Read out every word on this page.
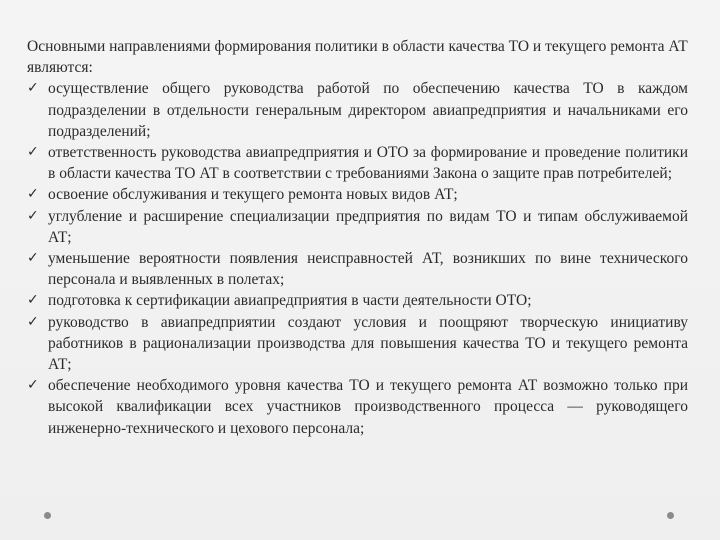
Основными направлениями формирования политики в области качества ТО и текущего ремонта АТ являются:

✓ осуществление общего руководства работой по обеспечению качества ТО в каждом подразделении в отдельности генеральным директором авиапредприятия и начальниками его подразделений;
✓ ответственность руководства авиапредприятия и ОТО за формирование и проведение политики в области качества ТО АТ в соответствии с требованиями Закона о защите прав потребителей;
✓ освоение обслуживания и текущего ремонта новых видов АТ;
✓ углубление и расширение специализации предприятия по видам ТО и типам обслуживаемой АТ;
✓ уменьшение вероятности появления неисправностей АТ, возникших по вине технического персонала и выявленных в полетах;
✓ подготовка к сертификации авиапредприятия в части деятельности ОТО;
✓ руководство в авиапредприятии создают условия и поощряют творческую инициативу работников в рационализации производства для повышения качества ТО и текущего ремонта АТ;
✓ обеспечение необходимого уровня качества ТО и текущего ремонта АТ возможно только при высокой квалификации всех участников производственного процесса — руководящего инженерно-технического и цехового персонала;
